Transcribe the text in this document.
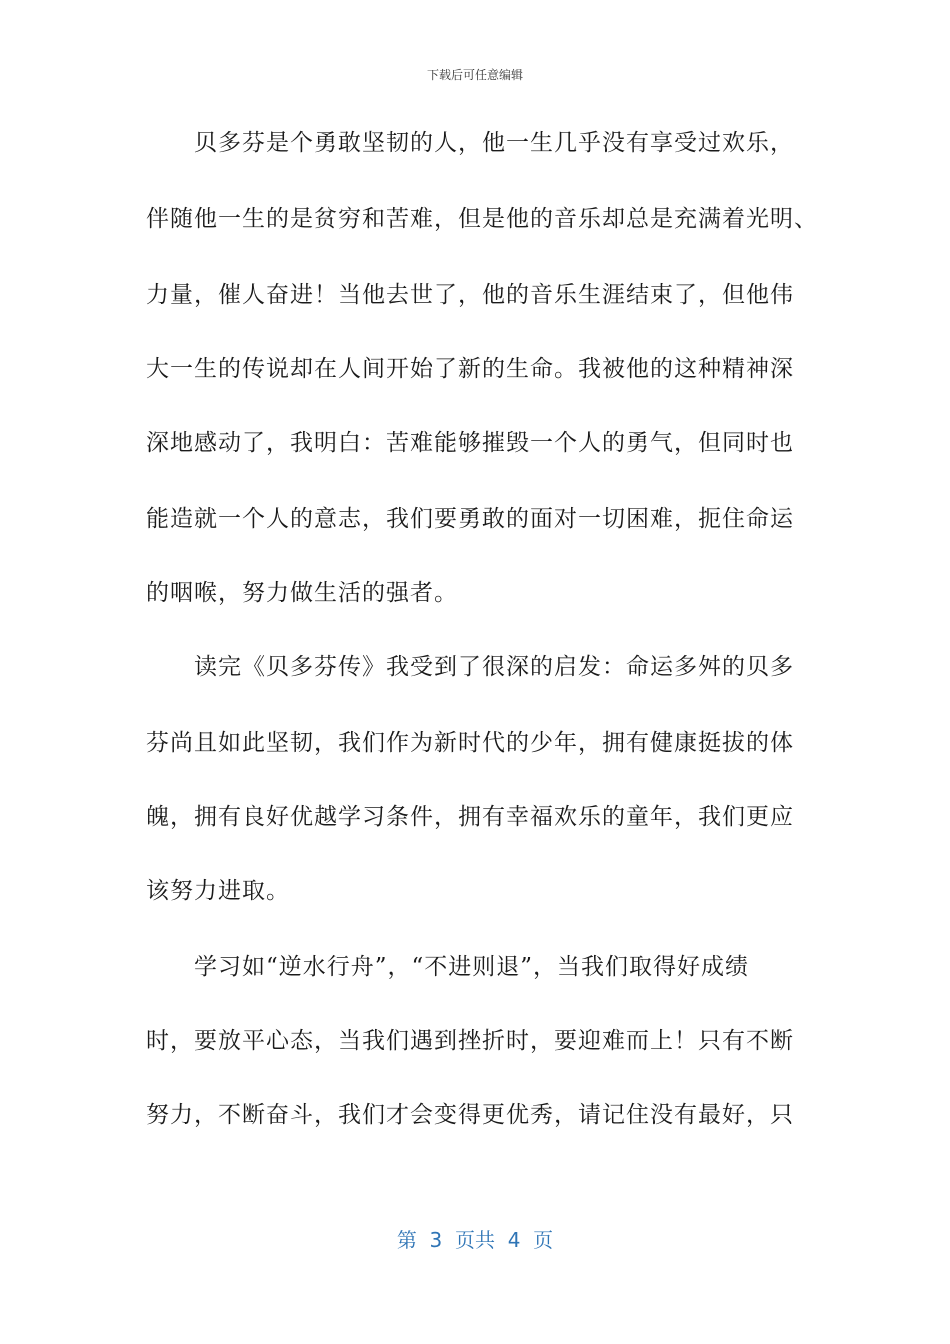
下载后可任意编辑
　　贝多芬是个勇敢坚韧的人，他一生几乎没有享受过欢乐，
伴随他一生的是贫穷和苦难，但是他的音乐却总是充满着光明、
力量，催人奋进！当他去世了，他的音乐生涯结束了，但他伟
大一生的传说却在人间开始了新的生命。我被他的这种精神深
深地感动了，我明白：苦难能够摧毁一个人的勇气，但同时也
能造就一个人的意志，我们要勇敢的面对一切困难，扼住命运
的咽喉，努力做生活的强者。
　　读完《贝多芬传》我受到了很深的启发：命运多舛的贝多
芬尚且如此坚韧，我们作为新时代的少年，拥有健康挺拔的体
魄，拥有良好优越学习条件，拥有幸福欢乐的童年，我们更应
该努力进取。
　　学习如“逆水行舟”，“不进则退”，当我们取得好成绩
时，要放平心态，当我们遇到挫折时，要迎难而上！只有不断
努力，不断奋斗，我们才会变得更优秀，请记住没有最好，只
第  3  页共  4  页
